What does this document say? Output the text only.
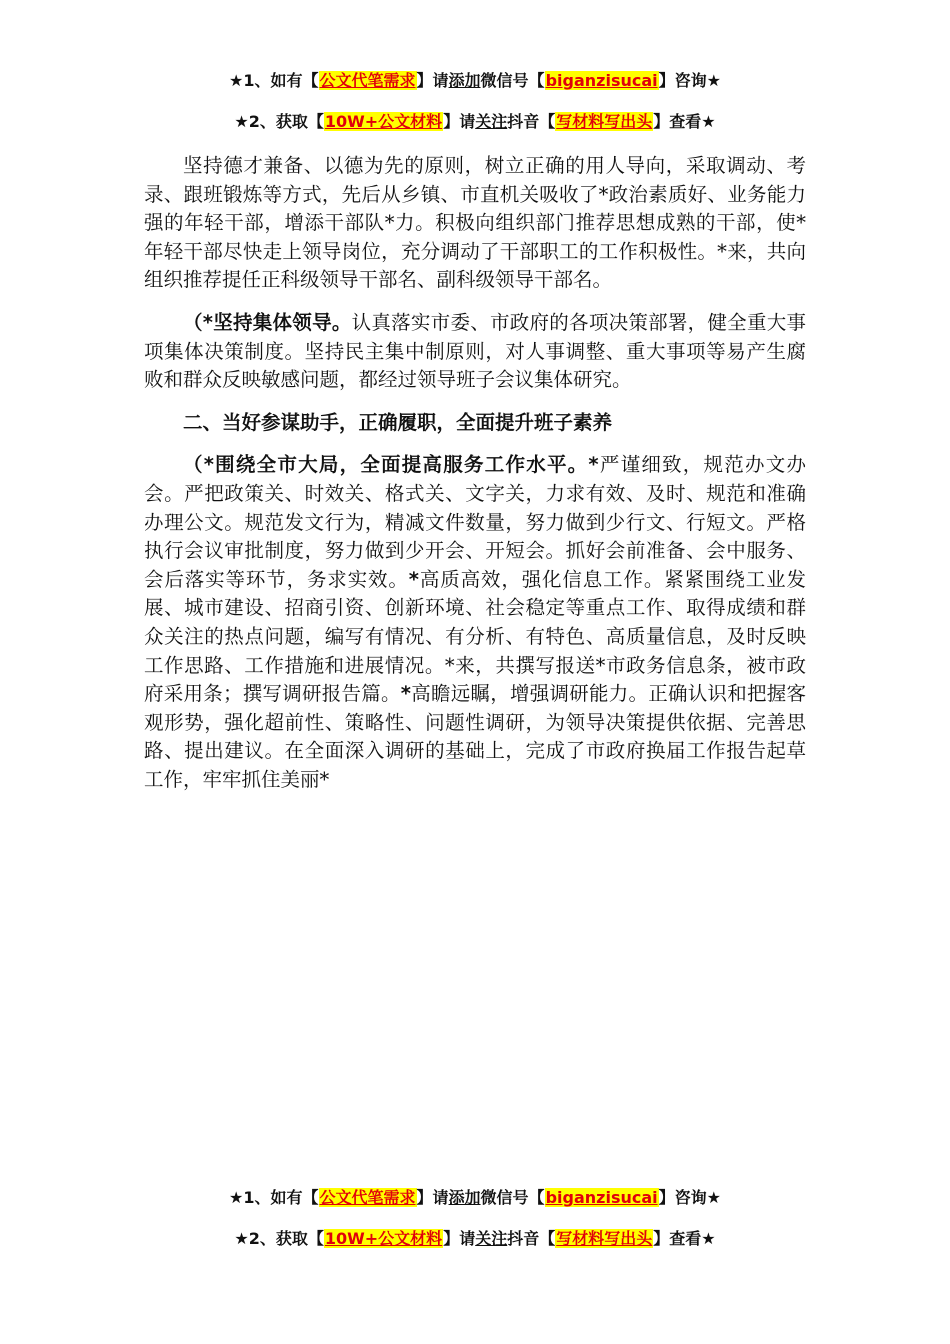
★1、如有【公文代笔需求】请添加微信号【biganzisucai】咨询★
★2、获取【10W+公文材料】请关注抖音【写材料写出头】查看★

坚持德才兼备、以德为先的原则，树立正确的用人导向，采取调动、考录、跟班锻炼等方式，先后从乡镇、市直机关吸收了*政治素质好、业务能力强的年轻干部，增添干部队*力。积极向组织部门推荐思想成熟的干部，使*年轻干部尽快走上领导岗位，充分调动了干部职工的工作积极性。*来，共向组织推荐提任正科级领导干部名、副科级领导干部名。

（*坚持集体领导。认真落实市委、市政府的各项决策部署，健全重大事项集体决策制度。坚持民主集中制原则，对人事调整、重大事项等易产生腐败和群众反映敏感问题，都经过领导班子会议集体研究。

二、当好参谋助手，正确履职，全面提升班子素养

（*围绕全市大局，全面提高服务工作水平。*严谨细致，规范办文办会。严把政策关、时效关、格式关、文字关，力求有效、及时、规范和准确办理公文。规范发文行为，精减文件数量，努力做到少行文、行短文。严格执行会议审批制度，努力做到少开会、开短会。抓好会前准备、会中服务、会后落实等环节，务求实效。*高质高效，强化信息工作。紧紧围绕工业发展、城市建设、招商引资、创新环境、社会稳定等重点工作、取得成绩和群众关注的热点问题，编写有情况、有分析、有特色、高质量信息，及时反映工作思路、工作措施和进展情况。*来，共撰写报送*市政务信息条，被市政府采用条；撰写调研报告篇。*高瞻远瞩，增强调研能力。正确认识和把握客观形势，强化超前性、策略性、问题性调研，为领导决策提供依据、完善思路、提出建议。在全面深入调研的基础上，完成了市政府换届工作报告起草工作，牢牢抓住美丽*

★1、如有【公文代笔需求】请添加微信号【biganzisucai】咨询★
★2、获取【10W+公文材料】请关注抖音【写材料写出头】查看★
